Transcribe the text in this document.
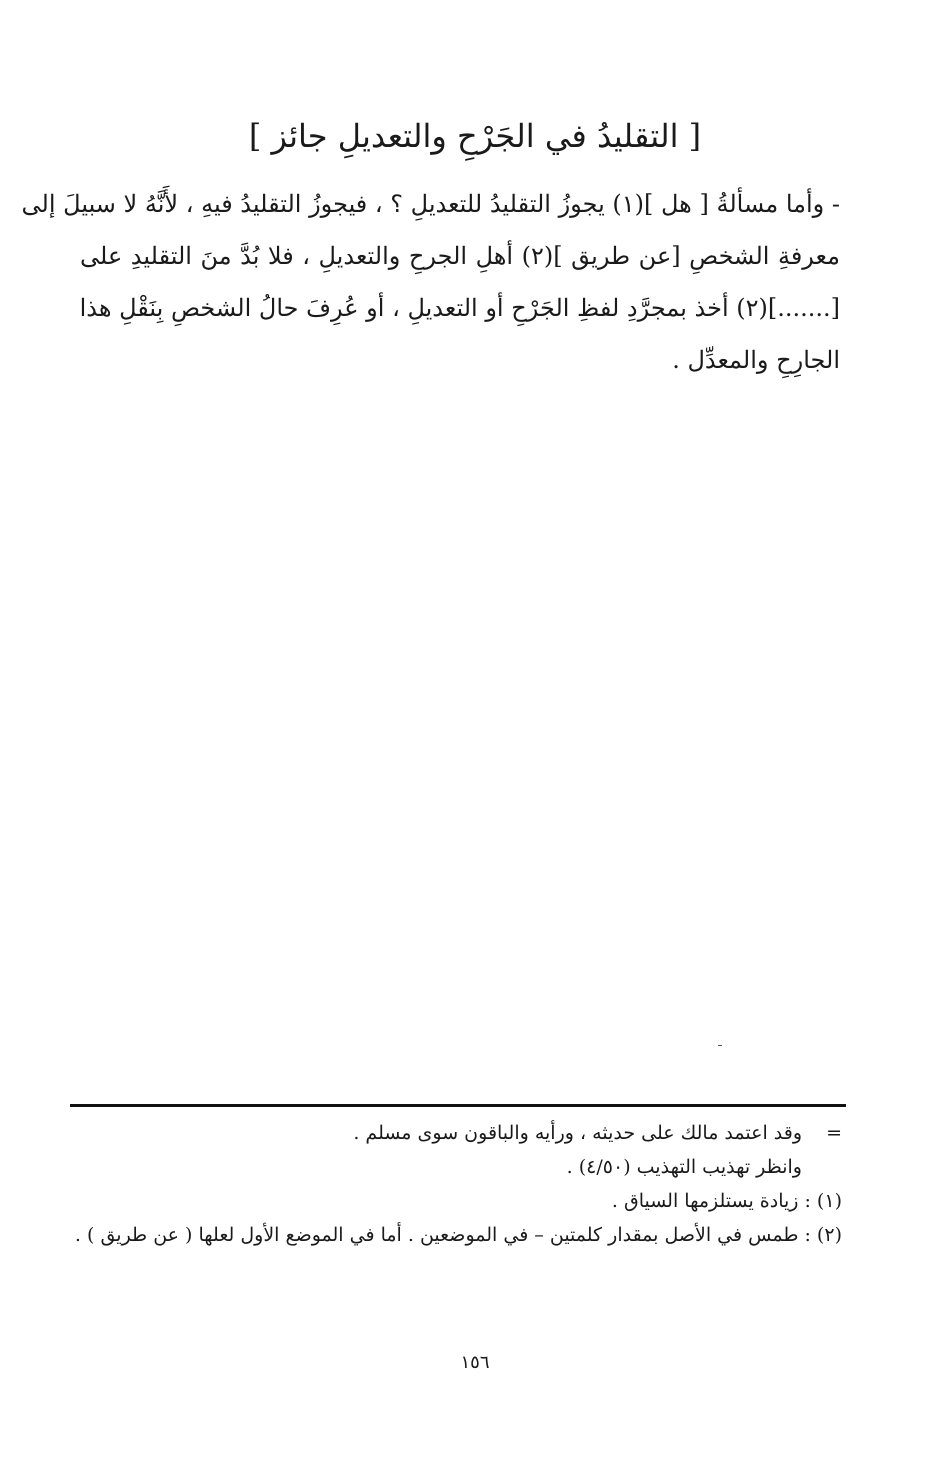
[ التقليدُ في الجَرْحِ والتعديلِ جائز ]
- وأما مسألةُ [ هل ](١) يجوزُ التقليدُ للتعديلِ ؟ ، فيجوزُ التقليدُ فيهِ ، لأَنَّهُ لا سبيلَ إلى
معرفةِ الشخصِ [عن طريق ](٢) أهلِ الجرحِ والتعديلِ ، فلا بُدَّ منَ التقليدِ على
[.......](٢) أخذ بمجرَّدِ لفظِ الجَرْحِ أو التعديلِ ، أو عُرِفَ حالُ الشخصِ بِنَقْلِ هذا
الجارِحِ والمعدِّل .
=وقد اعتمد مالك على حديثه ، ورأيه والباقون سوى مسلم .
وانظر تهذيب التهذيب (٤/٥٠) .
(١) : زيادة يستلزمها السياق .
(٢) : طمس في الأصل بمقدار كلمتين – في الموضعين . أما في الموضع الأول لعلها ( عن طريق ) .
١٥٦
